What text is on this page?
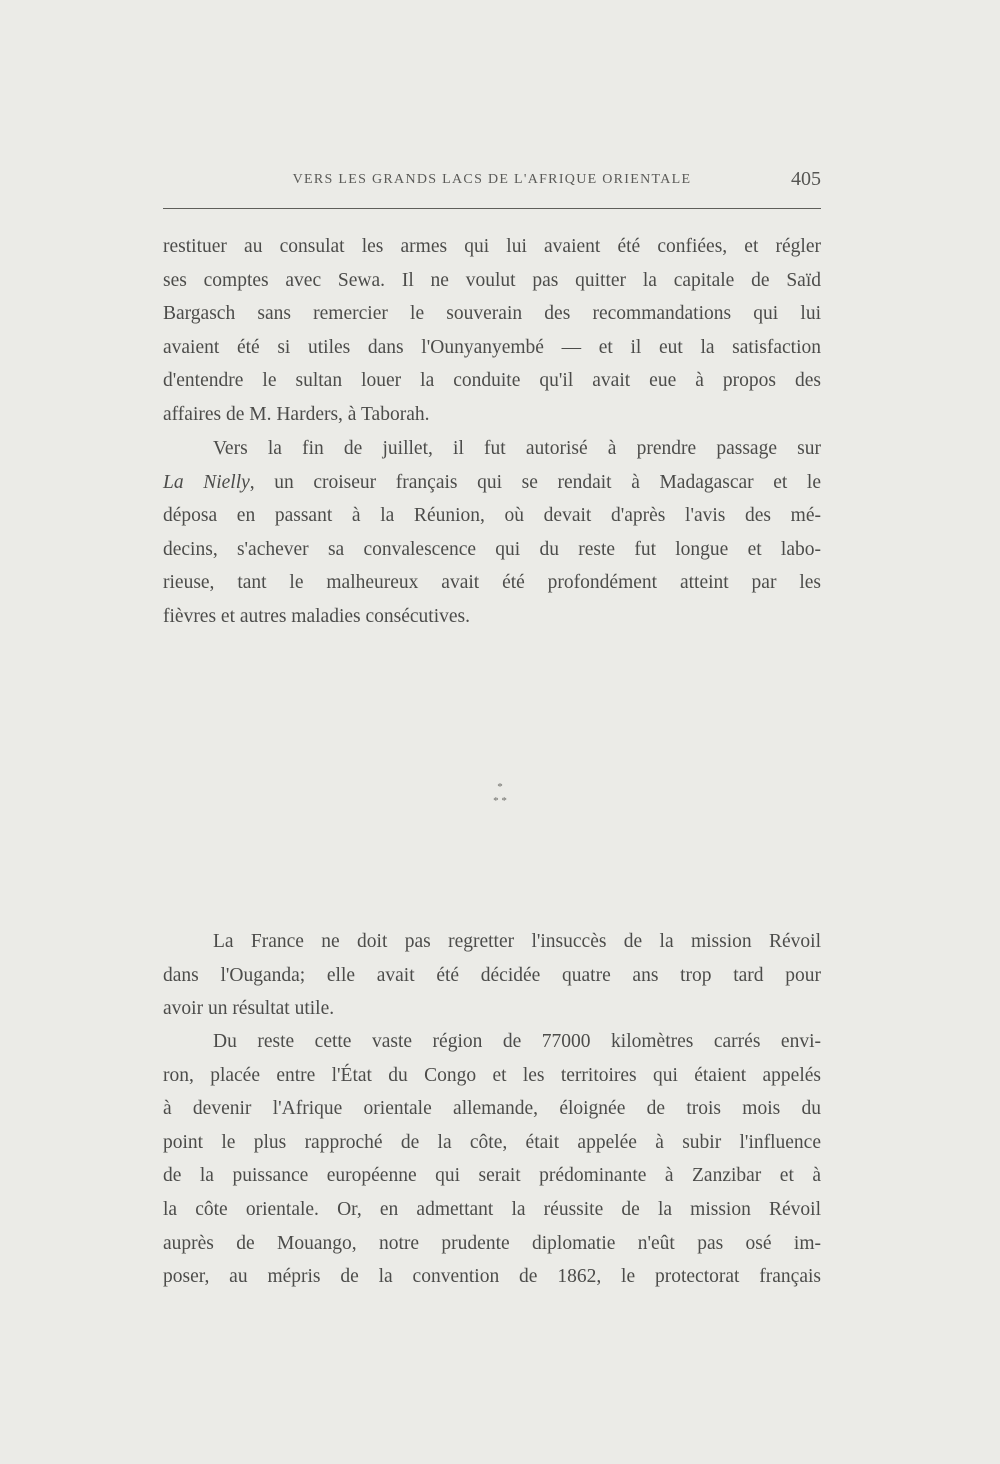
VERS LES GRANDS LACS DE L'AFRIQUE ORIENTALE	405

restituer au consulat les armes qui lui avaient été confiées, et régler
ses comptes avec Sewa. Il ne voulut pas quitter la capitale de Saïd
Bargasch sans remercier le souverain des recommandations qui lui
avaient été si utiles dans l'Ounyanyembé — et il eut la satisfaction
d'entendre le sultan louer la conduite qu'il avait eue à propos des
affaires de M. Harders, à Taborah.

Vers la fin de juillet, il fut autorisé à prendre passage sur
La Nielly, un croiseur français qui se rendait à Madagascar et le
déposa en passant à la Réunion, où devait d'après l'avis des mé-
decins, s'achever sa convalescence qui du reste fut longue et labo-
rieuse, tant le malheureux avait été profondément atteint par les
fièvres et autres maladies consécutives.

*
* *

La France ne doit pas regretter l'insuccès de la mission Révoil
dans l'Ouganda; elle avait été décidée quatre ans trop tard pour
avoir un résultat utile.

Du reste cette vaste région de 77000 kilomètres carrés envi-
ron, placée entre l'État du Congo et les territoires qui étaient appelés
à devenir l'Afrique orientale allemande, éloignée de trois mois du
point le plus rapproché de la côte, était appelée à subir l'influence
de la puissance européenne qui serait prédominante à Zanzibar et à
la côte orientale. Or, en admettant la réussite de la mission Révoil
auprès de Mouango, notre prudente diplomatie n'eût pas osé im-
poser, au mépris de la convention de 1862, le protectorat français
